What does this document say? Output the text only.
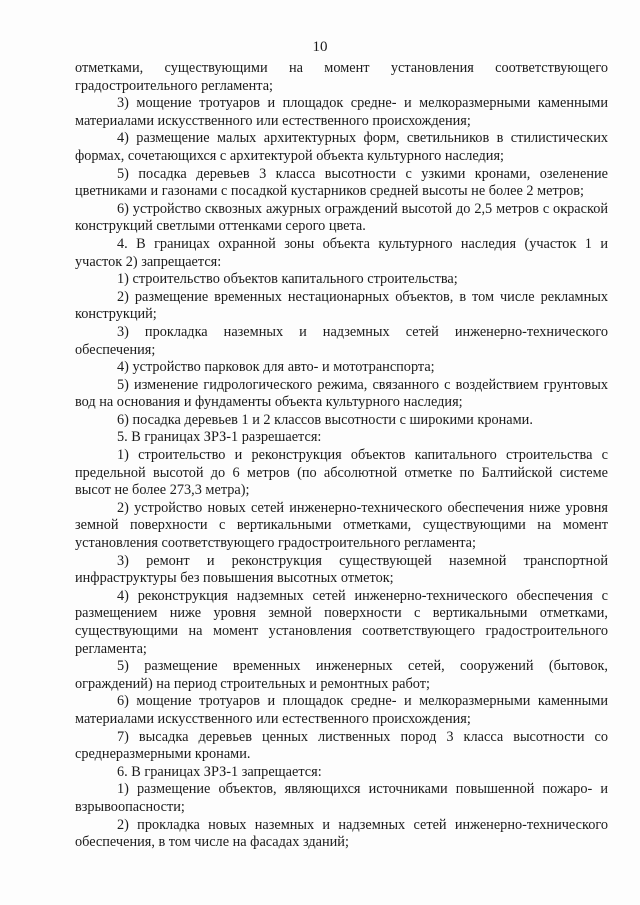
10

отметками, существующими на момент установления соответствующего градостроительного регламента;

3) мощение тротуаров и площадок средне- и мелкоразмерными каменными материалами искусственного или естественного происхождения;

4) размещение малых архитектурных форм, светильников в стилистических формах, сочетающихся с архитектурой объекта культурного наследия;

5) посадка деревьев 3 класса высотности с узкими кронами, озеленение цветниками и газонами с посадкой кустарников средней высоты не более 2 метров;

6) устройство сквозных ажурных ограждений высотой до 2,5 метров с окраской конструкций светлыми оттенками серого цвета.

4. В границах охранной зоны объекта культурного наследия (участок 1 и участок 2) запрещается:

1) строительство объектов капитального строительства;

2) размещение временных нестационарных объектов, в том числе рекламных конструкций;

3) прокладка наземных и надземных сетей инженерно-технического обеспечения;

4) устройство парковок для авто- и мототранспорта;

5) изменение гидрологического режима, связанного с воздействием грунтовых вод на основания и фундаменты объекта культурного наследия;

6) посадка деревьев 1 и 2 классов высотности с широкими кронами.

5. В границах ЗРЗ-1 разрешается:

1) строительство и реконструкция объектов капитального строительства с предельной высотой до 6 метров (по абсолютной отметке по Балтийской системе высот не более 273,3 метра);

2) устройство новых сетей инженерно-технического обеспечения ниже уровня земной поверхности с вертикальными отметками, существующими на момент установления соответствующего градостроительного регламента;

3) ремонт и реконструкция существующей наземной транспортной инфраструктуры без повышения высотных отметок;

4) реконструкция надземных сетей инженерно-технического обеспечения с размещением ниже уровня земной поверхности с вертикальными отметками, существующими на момент установления соответствующего градостроительного регламента;

5) размещение временных инженерных сетей, сооружений (бытовок, ограждений) на период строительных и ремонтных работ;

6) мощение тротуаров и площадок средне- и мелкоразмерными каменными материалами искусственного или естественного происхождения;

7) высадка деревьев ценных лиственных пород 3 класса высотности со среднеразмерными кронами.

6. В границах ЗРЗ-1 запрещается:

1) размещение объектов, являющихся источниками повышенной пожаро- и взрывоопасности;

2) прокладка новых наземных и надземных сетей инженерно-технического обеспечения, в том числе на фасадах зданий;
